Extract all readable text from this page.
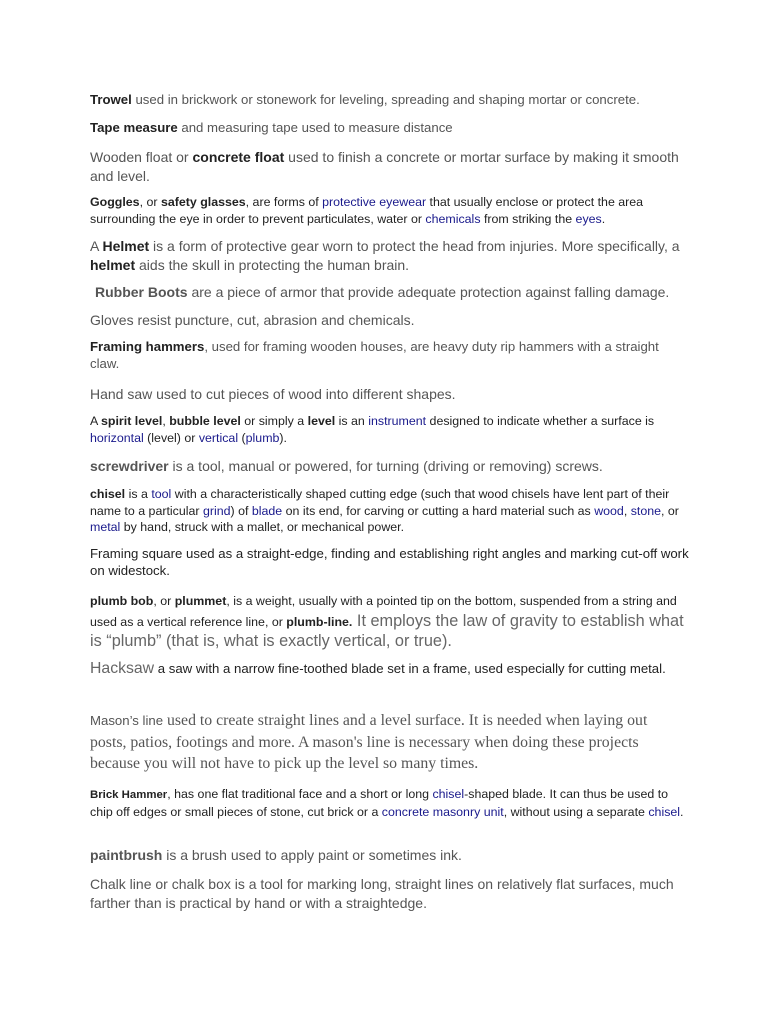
Trowel used in brickwork or stonework for leveling, spreading and shaping mortar or concrete.

Tape measure and measuring tape used to measure distance

Wooden float or concrete float used to finish a concrete or mortar surface by making it smooth and level.

Goggles, or safety glasses, are forms of protective eyewear that usually enclose or protect the area surrounding the eye in order to prevent particulates, water or chemicals from striking the eyes.

A Helmet is a form of protective gear worn to protect the head from injuries. More specifically, a helmet aids the skull in protecting the human brain.

Rubber Boots are a piece of armor that provide adequate protection against falling damage.

Gloves resist puncture, cut, abrasion and chemicals.

Framing hammers, used for framing wooden houses, are heavy duty rip hammers with a straight claw.

Hand saw used to cut pieces of wood into different shapes.

A spirit level, bubble level or simply a level is an instrument designed to indicate whether a surface is horizontal (level) or vertical (plumb).

screwdriver is a tool, manual or powered, for turning (driving or removing) screws.

chisel is a tool with a characteristically shaped cutting edge (such that wood chisels have lent part of their name to a particular grind) of blade on its end, for carving or cutting a hard material such as wood, stone, or metal by hand, struck with a mallet, or mechanical power.

Framing square used as a straight-edge, finding and establishing right angles and marking cut-off work on widestock.

plumb bob, or plummet, is a weight, usually with a pointed tip on the bottom, suspended from a string and used as a vertical reference line, or plumb-line. It employs the law of gravity to establish what is “plumb” (that is, what is exactly vertical, or true).

Hacksaw a saw with a narrow fine-toothed blade set in a frame, used especially for cutting metal.

Mason’s line used to create straight lines and a level surface. It is needed when laying out posts, patios, footings and more. A mason's line is necessary when doing these projects because you will not have to pick up the level so many times.

Brick Hammer, has one flat traditional face and a short or long chisel-shaped blade. It can thus be used to chip off edges or small pieces of stone, cut brick or a concrete masonry unit, without using a separate chisel.

paintbrush is a brush used to apply paint or sometimes ink.

Chalk line or chalk box is a tool for marking long, straight lines on relatively flat surfaces, much farther than is practical by hand or with a straightedge.
